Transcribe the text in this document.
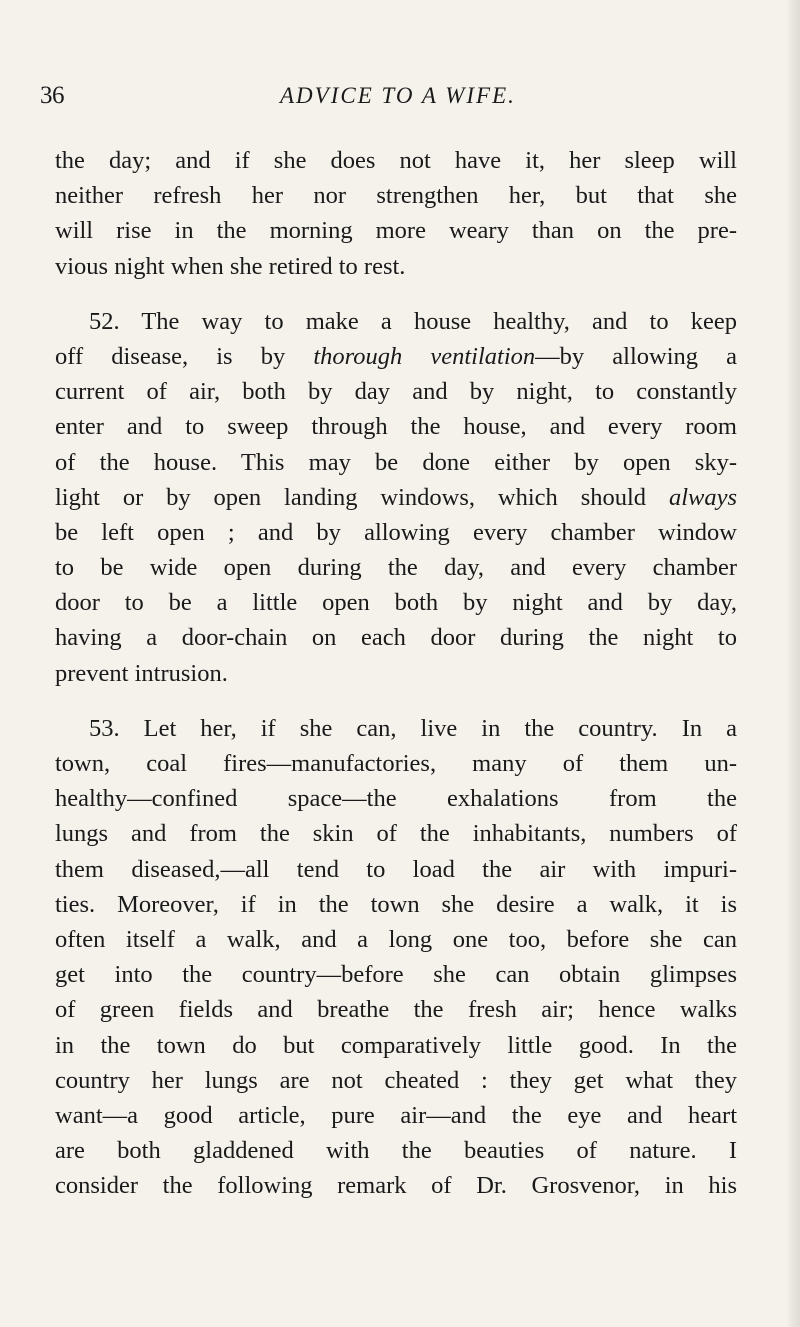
36	ADVICE TO A WIFE.
the day; and if she does not have it, her sleep will
neither refresh her nor strengthen her, but that she
will rise in the morning more weary than on the pre-
vious night when she retired to rest.
52. The way to make a house healthy, and to keep
off disease, is by thorough ventilation—by allowing a
current of air, both by day and by night, to constantly
enter and to sweep through the house, and every room
of the house. This may be done either by open sky-
light or by open landing windows, which should always
be left open ; and by allowing every chamber window
to be wide open during the day, and every chamber
door to be a little open both by night and by day,
having a door-chain on each door during the night to
prevent intrusion.
53. Let her, if she can, live in the country. In a
town, coal fires—manufactories, many of them un-
healthy—confined space—the exhalations from the
lungs and from the skin of the inhabitants, numbers of
them diseased,—all tend to load the air with impuri-
ties. Moreover, if in the town she desire a walk, it is
often itself a walk, and a long one too, before she can
get into the country—before she can obtain glimpses
of green fields and breathe the fresh air; hence walks
in the town do but comparatively little good. In the
country her lungs are not cheated : they get what they
want—a good article, pure air—and the eye and heart
are both gladdened with the beauties of nature. I
consider the following remark of Dr. Grosvenor, in his
